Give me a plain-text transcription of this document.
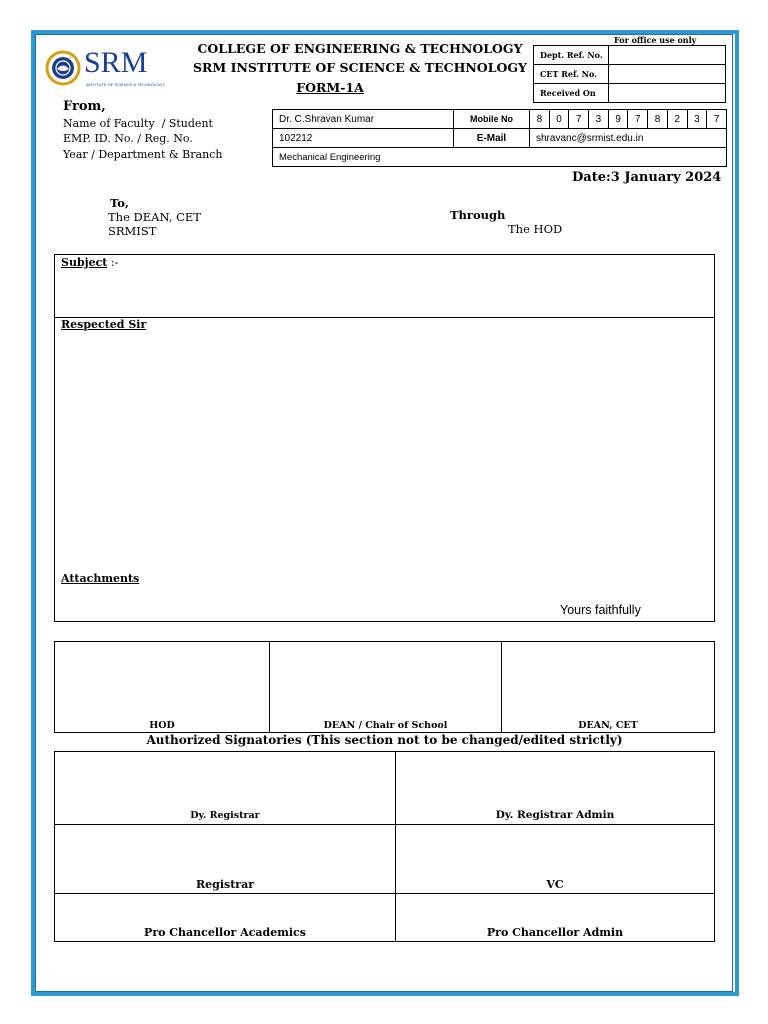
SRM
INSTITUTE OF SCIENCE & TECHNOLOGY
COLLEGE OF ENGINEERING & TECHNOLOGY
SRM INSTITUTE OF SCIENCE & TECHNOLOGY
FORM-1A
For office use only
Dept. Ref. No.	
CET Ref. No.	
Received On	
From,
Name of Faculty  / Student
EMP. ID. No. / Reg. No.
Year / Department & Branch
Dr. C.Shravan Kumar	Mobile No	8	0	7	3	9	7	8	2	3	7
102212	E-Mail	shravanc@srmist.edu.in									
Mechanical Engineering											
Date:3 January 2024
To,
The DEAN, CET
SRMIST
Through
The HOD
Subject :-
Respected Sir
Attachments
Yours faithfully
HOD	DEAN / Chair of School	DEAN, CET
Authorized Signatories (This section not to be changed/edited strictly)
Dy. Registrar	Dy. Registrar Admin
Registrar	VC
Pro Chancellor Academics	Pro Chancellor Admin
